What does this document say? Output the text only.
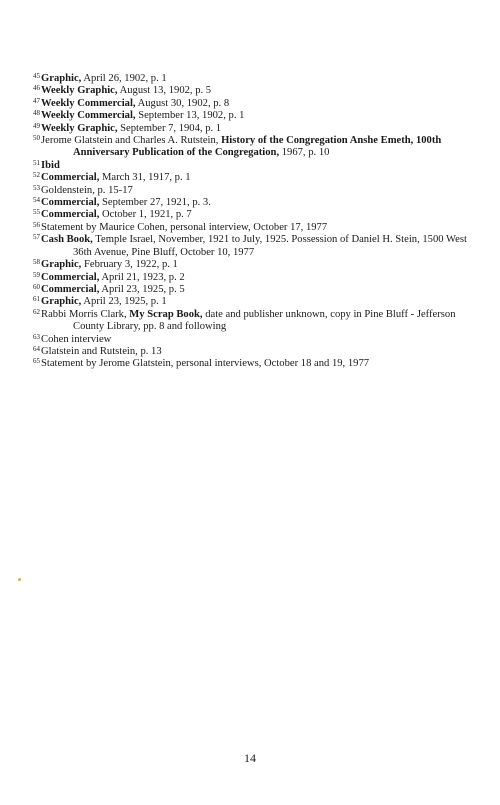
$^{45}$Graphic, April 26, 1902, p. 1
$^{46}$Weekly Graphic, August 13, 1902, p. 5
$^{47}$Weekly Commercial, August 30, 1902, p. 8
$^{48}$Weekly Commercial, September 13, 1902, p. 1
$^{49}$Weekly Graphic, September 7, 1904, p. 1
$^{50}$Jerome Glatstein and Charles A. Rutstein, History of the Congregation Anshe Emeth, 100th Anniversary Publication of the Congregation, 1967, p. 10
$^{51}$Ibid
$^{52}$Commercial, March 31, 1917, p. 1
$^{53}$Goldenstein, p. 15-17
$^{54}$Commercial, September 27, 1921, p. 3.
$^{55}$Commercial, October 1, 1921, p. 7
$^{56}$Statement by Maurice Cohen, personal interview, October 17, 1977
$^{57}$Cash Book, Temple Israel, November, 1921 to July, 1925. Possession of Daniel H. Stein, 1500 West 36th Avenue, Pine Bluff, October 10, 1977
$^{58}$Graphic, February 3, 1922, p. 1
$^{59}$Commercial, April 21, 1923, p. 2
$^{60}$Commercial, April 23, 1925, p. 5
$^{61}$Graphic, April 23, 1925, p. 1
$^{62}$Rabbi Morris Clark, My Scrap Book, date and publisher unknown, copy in Pine Bluff - Jefferson County Library, pp. 8 and following
$^{63}$Cohen interview
$^{64}$Glatstein and Rutstein, p. 13
$^{65}$Statement by Jerome Glatstein, personal interviews, October 18 and 19, 1977
14
